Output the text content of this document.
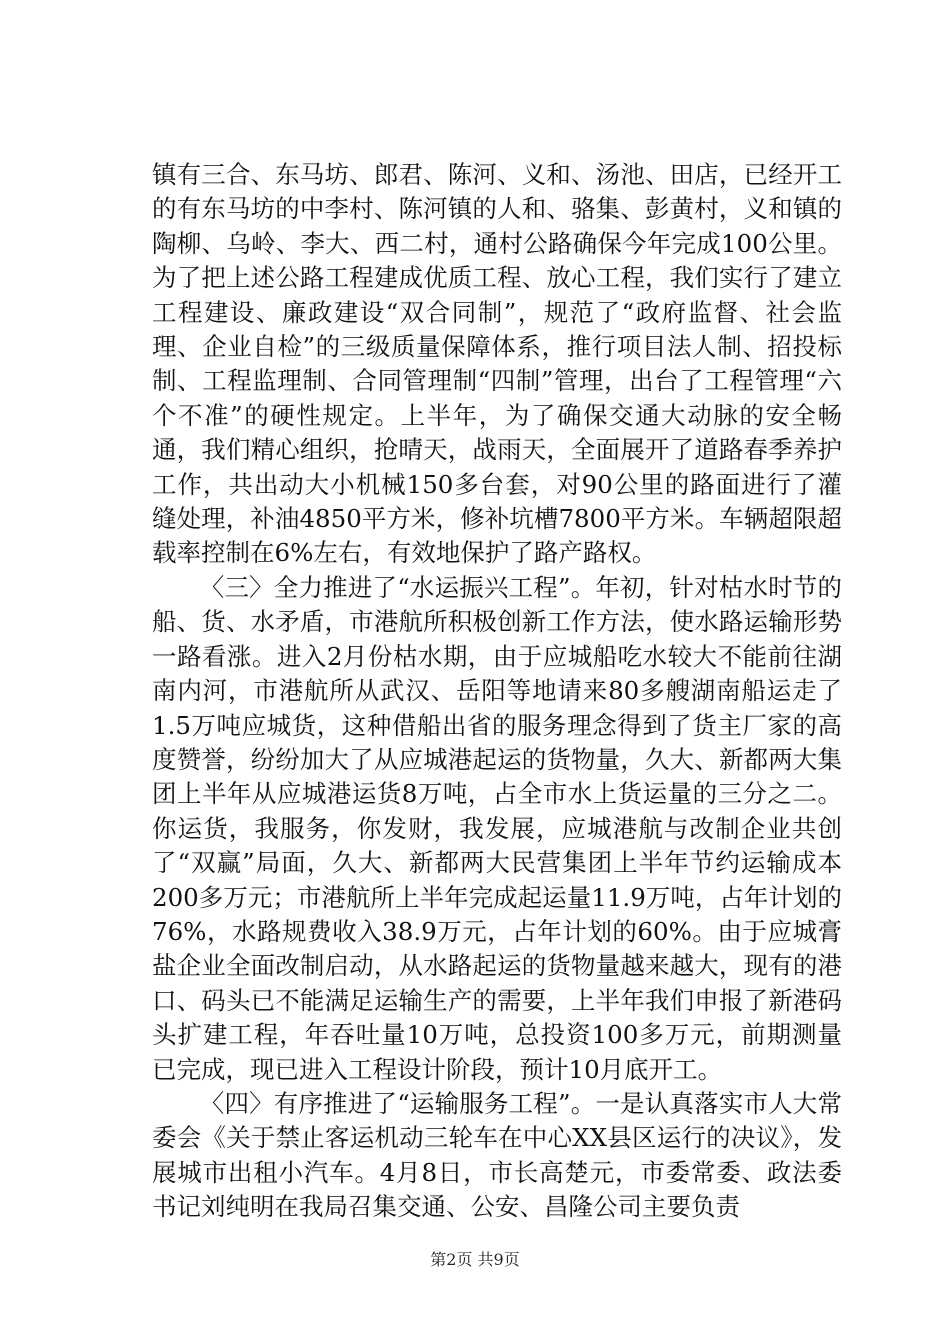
镇有三合、东马坊、郎君、陈河、义和、汤池、田店，已经开工的有东马坊的中李村、陈河镇的人和、骆集、彭黄村，义和镇的陶柳、乌岭、李大、西二村，通村公路确保今年完成100公里。为了把上述公路工程建成优质工程、放心工程，我们实行了建立工程建设、廉政建设“双合同制”，规范了“政府监督、社会监理、企业自检”的三级质量保障体系，推行项目法人制、招投标制、工程监理制、合同管理制“四制”管理，出台了工程管理“六个不准”的硬性规定。上半年，为了确保交通大动脉的安全畅通，我们精心组织，抢晴天，战雨天，全面展开了道路春季养护工作，共出动大小机械150多台套，对90公里的路面进行了灌缝处理，补油4850平方米，修补坑槽7800平方米。车辆超限超载率控制在6%左右，有效地保护了路产路权。

〈三〉全力推进了“水运振兴工程”。年初，针对枯水时节的船、货、水矛盾，市港航所积极创新工作方法，使水路运输形势一路看涨。进入2月份枯水期，由于应城船吃水较大不能前往湖南内河，市港航所从武汉、岳阳等地请来80多艘湖南船运走了1.5万吨应城货，这种借船出省的服务理念得到了货主厂家的高度赞誉，纷纷加大了从应城港起运的货物量，久大、新都两大集团上半年从应城港运货8万吨，占全市水上货运量的三分之二。你运货，我服务，你发财，我发展，应城港航与改制企业共创了“双赢”局面，久大、新都两大民营集团上半年节约运输成本200多万元；市港航所上半年完成起运量11.9万吨，占年计划的76%，水路规费收入38.9万元，占年计划的60%。由于应城膏盐企业全面改制启动，从水路起运的货物量越来越大，现有的港口、码头已不能满足运输生产的需要，上半年我们申报了新港码头扩建工程，年吞吐量10万吨，总投资100多万元，前期测量已完成，现已进入工程设计阶段，预计10月底开工。

〈四〉有序推进了“运输服务工程”。一是认真落实市人大常委会《关于禁止客运机动三轮车在中心XX县区运行的决议》，发展城市出租小汽车。4月8日，市长高楚元，市委常委、政法委书记刘纯明在我局召集交通、公安、昌隆公司主要负责

第2页 共9页
